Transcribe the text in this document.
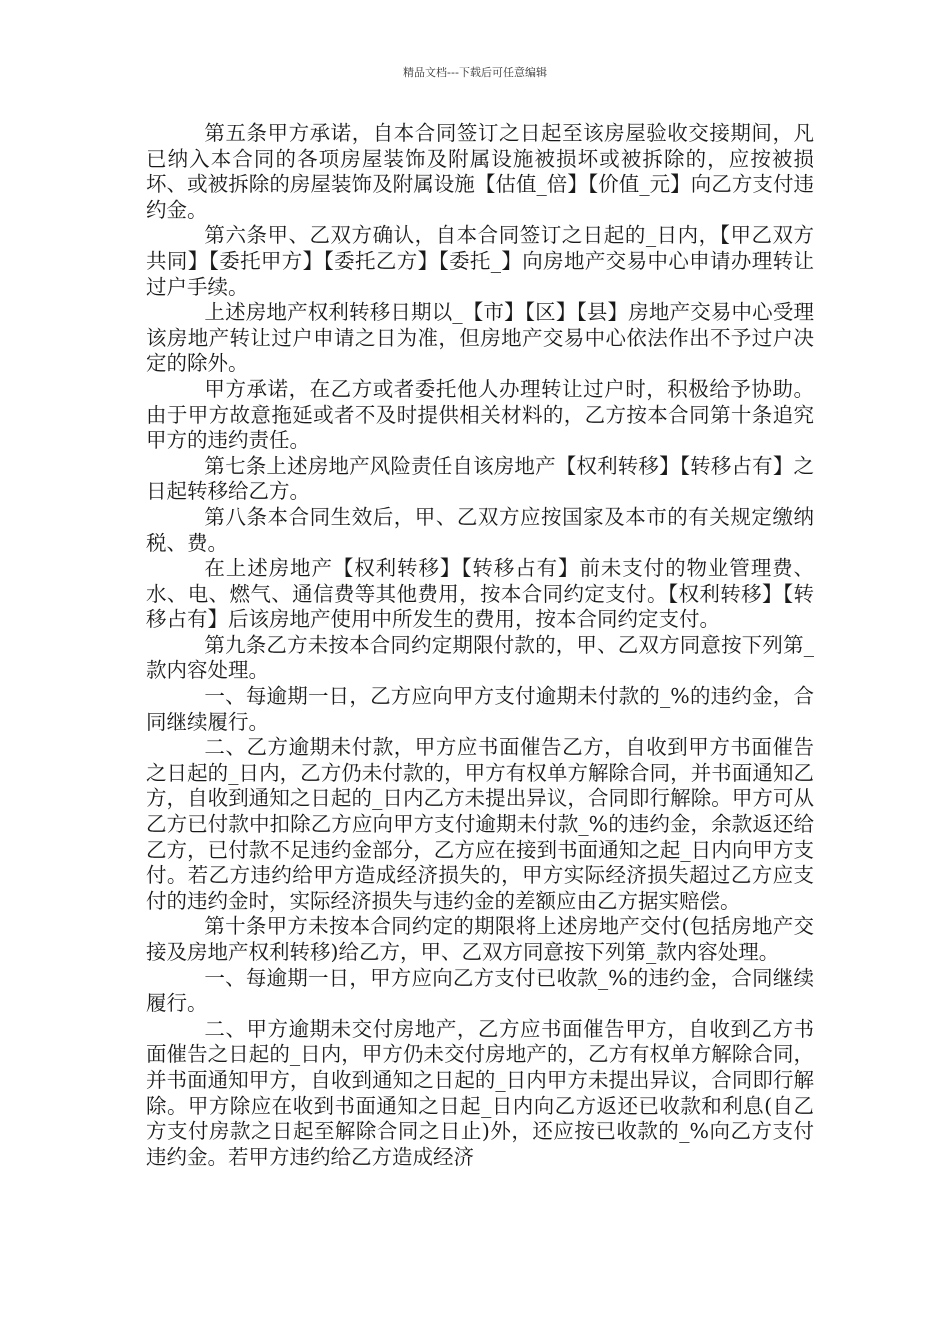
精品文档---下载后可任意编辑

第五条甲方承诺，自本合同签订之日起至该房屋验收交接期间，凡已纳入本合同的各项房屋装饰及附属设施被损坏或被拆除的，应按被损坏、或被拆除的房屋装饰及附属设施【估值_倍】【价值_元】向乙方支付违约金。

第六条甲、乙双方确认，自本合同签订之日起的_日内，【甲乙双方共同】【委托甲方】【委托乙方】【委托_】向房地产交易中心申请办理转让过户手续。

上述房地产权利转移日期以_【市】【区】【县】房地产交易中心受理该房地产转让过户申请之日为准，但房地产交易中心依法作出不予过户决定的除外。

甲方承诺，在乙方或者委托他人办理转让过户时，积极给予协助。由于甲方故意拖延或者不及时提供相关材料的，乙方按本合同第十条追究甲方的违约责任。

第七条上述房地产风险责任自该房地产【权利转移】【转移占有】之日起转移给乙方。

第八条本合同生效后，甲、乙双方应按国家及本市的有关规定缴纳税、费。

在上述房地产【权利转移】【转移占有】前未支付的物业管理费、水、电、燃气、通信费等其他费用，按本合同约定支付。【权利转移】【转移占有】后该房地产使用中所发生的费用，按本合同约定支付。

第九条乙方未按本合同约定期限付款的，甲、乙双方同意按下列第_款内容处理。

一、每逾期一日，乙方应向甲方支付逾期未付款的_%的违约金，合同继续履行。

二、乙方逾期未付款，甲方应书面催告乙方，自收到甲方书面催告之日起的_日内，乙方仍未付款的，甲方有权单方解除合同，并书面通知乙方，自收到通知之日起的_日内乙方未提出异议，合同即行解除。甲方可从乙方已付款中扣除乙方应向甲方支付逾期未付款_%的违约金，余款返还给乙方，已付款不足违约金部分，乙方应在接到书面通知之起_日内向甲方支付。若乙方违约给甲方造成经济损失的，甲方实际经济损失超过乙方应支付的违约金时，实际经济损失与违约金的差额应由乙方据实赔偿。

第十条甲方未按本合同约定的期限将上述房地产交付(包括房地产交接及房地产权利转移)给乙方，甲、乙双方同意按下列第_款内容处理。

一、每逾期一日，甲方应向乙方支付已收款_%的违约金，合同继续履行。

二、甲方逾期未交付房地产，乙方应书面催告甲方，自收到乙方书面催告之日起的_日内，甲方仍未交付房地产的，乙方有权单方解除合同，并书面通知甲方，自收到通知之日起的_日内甲方未提出异议，合同即行解除。甲方除应在收到书面通知之日起_日内向乙方返还已收款和利息(自乙方支付房款之日起至解除合同之日止)外，还应按已收款的_%向乙方支付违约金。若甲方违约给乙方造成经济
